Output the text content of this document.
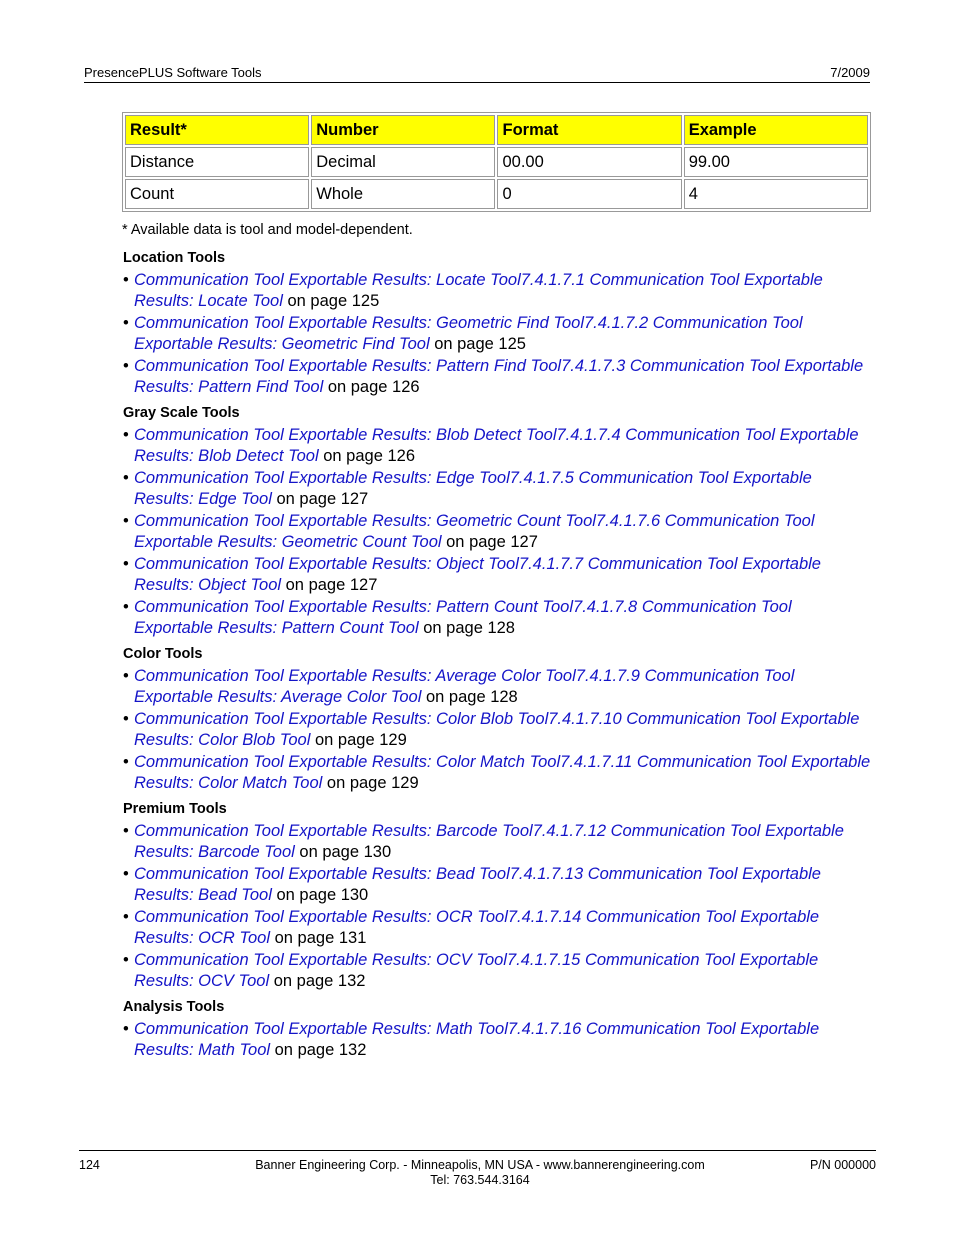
PresencePLUS Software Tools	7/2009
Result*	Number	Format	Example
Distance	Decimal	00.00	99.00
Count	Whole	0	4
* Available data is tool and model-dependent.
Location Tools
• Communication Tool Exportable Results: Locate Tool7.4.1.7.1 Communication Tool Exportable Results: Locate Tool on page 125
• Communication Tool Exportable Results: Geometric Find Tool7.4.1.7.2 Communication Tool Exportable Results: Geometric Find Tool on page 125
• Communication Tool Exportable Results: Pattern Find Tool7.4.1.7.3 Communication Tool Exportable Results: Pattern Find Tool on page 126
Gray Scale Tools
• Communication Tool Exportable Results: Blob Detect Tool7.4.1.7.4 Communication Tool Exportable Results: Blob Detect Tool on page 126
• Communication Tool Exportable Results: Edge Tool7.4.1.7.5 Communication Tool Exportable Results: Edge Tool on page 127
• Communication Tool Exportable Results: Geometric Count Tool7.4.1.7.6 Communication Tool Exportable Results: Geometric Count Tool on page 127
• Communication Tool Exportable Results: Object Tool7.4.1.7.7 Communication Tool Exportable Results: Object Tool on page 127
• Communication Tool Exportable Results: Pattern Count Tool7.4.1.7.8 Communication Tool Exportable Results: Pattern Count Tool on page 128
Color Tools
• Communication Tool Exportable Results: Average Color Tool7.4.1.7.9 Communication Tool Exportable Results: Average Color Tool on page 128
• Communication Tool Exportable Results: Color Blob Tool7.4.1.7.10 Communication Tool Exportable Results: Color Blob Tool on page 129
• Communication Tool Exportable Results: Color Match Tool7.4.1.7.11 Communication Tool Exportable Results: Color Match Tool on page 129
Premium Tools
• Communication Tool Exportable Results: Barcode Tool7.4.1.7.12 Communication Tool Exportable Results: Barcode Tool on page 130
• Communication Tool Exportable Results: Bead Tool7.4.1.7.13 Communication Tool Exportable Results: Bead Tool on page 130
• Communication Tool Exportable Results: OCR Tool7.4.1.7.14 Communication Tool Exportable Results: OCR Tool on page 131
• Communication Tool Exportable Results: OCV Tool7.4.1.7.15 Communication Tool Exportable Results: OCV Tool on page 132
Analysis Tools
• Communication Tool Exportable Results: Math Tool7.4.1.7.16 Communication Tool Exportable Results: Math Tool on page 132
124	Banner Engineering Corp. - Minneapolis, MN USA - www.bannerengineering.com
Tel: 763.544.3164
P/N 000000
